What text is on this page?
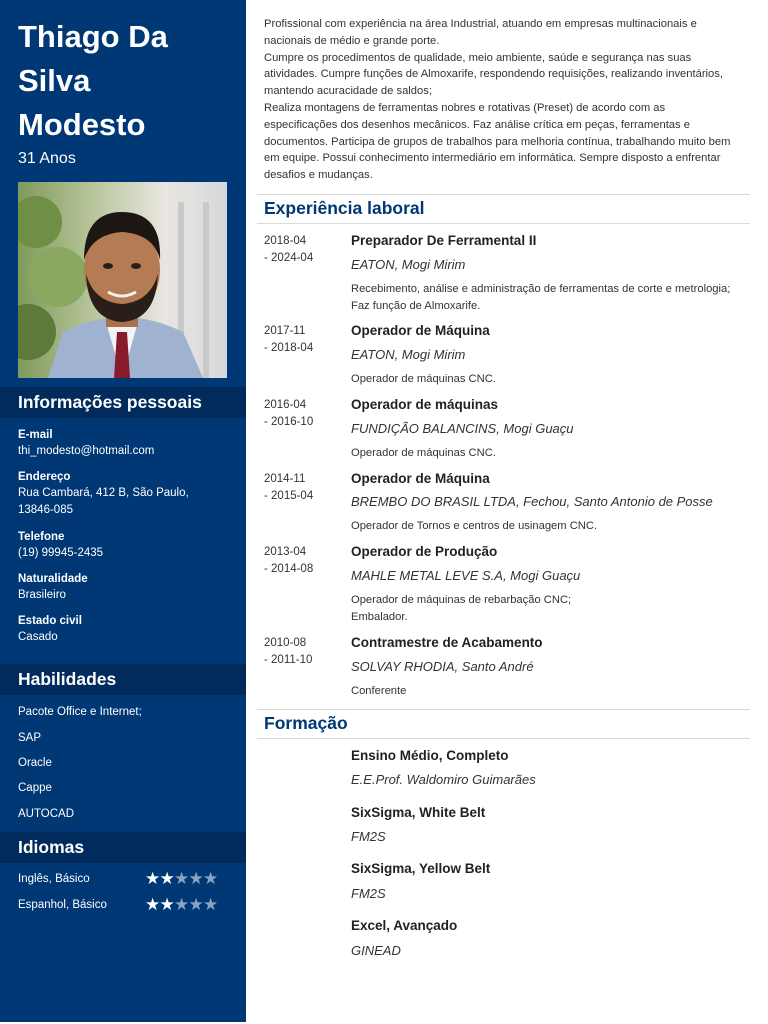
Thiago Da
Silva
Modesto
31 Anos
Informações pessoais
E-mail
thi_modesto@hotmail.com
Endereço
Rua Cambará, 412 B, São Paulo,
13846-085
Telefone
(19) 99945-2435
Naturalidade
Brasileiro
Estado civil
Casado
Habilidades
Pacote Office e Internet;
SAP
Oracle
Cappe
AUTOCAD
Idiomas
Inglês, Básico	★★★★★
Espanhol, Básico ★★★★★
Profissional com experiência na área Industrial, atuando em empresas multinacionais e
nacionais de médio e grande porte.
Cumpre os procedimentos de qualidade, meio ambiente, saúde e segurança nas suas
atividades. Cumpre funções de Almoxarife, respondendo requisições, realizando inventários,
mantendo acuracidade de saldos;
Realiza montagens de ferramentas nobres e rotativas (Preset) de acordo com as
especificações dos desenhos mecânicos. Faz análise crítica em peças, ferramentas e
documentos. Participa de grupos de trabalhos para melhoria contínua, trabalhando muito bem
em equipe. Possui conhecimento intermediário em informática. Sempre disposto a enfrentar
desafios e mudanças.
Experiência laboral
2018-04
- 2024-04
Preparador De Ferramental II
EATON, Mogi Mirim
Recebimento, análise e administração de ferramentas de corte e metrologia;
Faz função de Almoxarife.
2017-11
- 2018-04
Operador de Máquina
EATON, Mogi Mirim
Operador de máquinas CNC.
2016-04
- 2016-10
Operador de máquinas
FUNDIÇÃO BALANCINS, Mogi Guaçu
Operador de máquinas CNC.
2014-11
- 2015-04
Operador de Máquina
BREMBO DO BRASIL LTDA, Fechou, Santo Antonio de Posse
Operador de Tornos e centros de usinagem CNC.
2013-04
- 2014-08
Operador de Produção
MAHLE METAL LEVE S.A, Mogi Guaçu
Operador de máquinas de rebarbação CNC;
Embalador.
2010-08
- 2011-10
Contramestre de Acabamento
SOLVAY RHODIA, Santo André
Conferente
Formação
Ensino Médio, Completo
E.E.Prof. Waldomiro Guimarães
SixSigma, White Belt
FM2S
SixSigma, Yellow Belt
FM2S
Excel, Avançado
GINEAD
